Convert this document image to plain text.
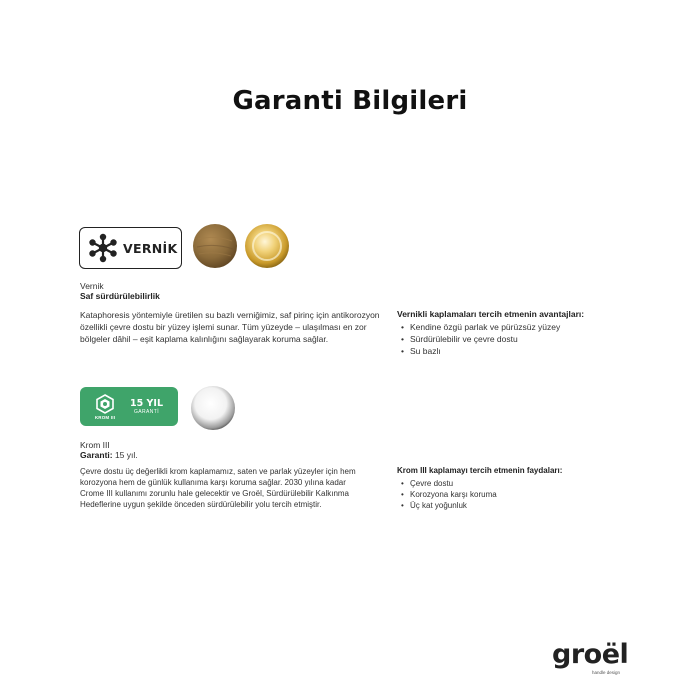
Garanti Bilgileri
VERNİK
Vernik
Saf sürdürülebilirlik
Kataphoresis yöntemiyle üretilen su bazlı verniğimiz, saf pirinç için antikorozyon özellikli çevre dostu bir yüzey işlemi sunar. Tüm yüzeyde – ulaşılması en zor bölgeler dâhil – eşit kaplama kalınlığını sağlayarak koruma sağlar.
Vernikli kaplamaları tercih etmenin avantajları:
• Kendine özgü parlak ve pürüzsüz yüzey
• Sürdürülebilir ve çevre dostu
• Su bazlı
KROM III
15 YIL
GARANTİ
Krom III
Garanti: 15 yıl.
Çevre dostu üç değerlikli krom kaplamamız, saten ve parlak yüzeyler için hem korozyona hem de günlük kullanıma karşı koruma sağlar. 2030 yılına kadar Crome III kullanımı zorunlu hale gelecektir ve Groël, Sürdürülebilir Kalkınma Hedeflerine uygun şekilde önceden sürdürülebilir yolu tercih etmiştir.
Krom III kaplamayı tercih etmenin faydaları:
• Çevre dostu
• Korozyona karşı koruma
• Üç kat yoğunluk
groël
handle design
